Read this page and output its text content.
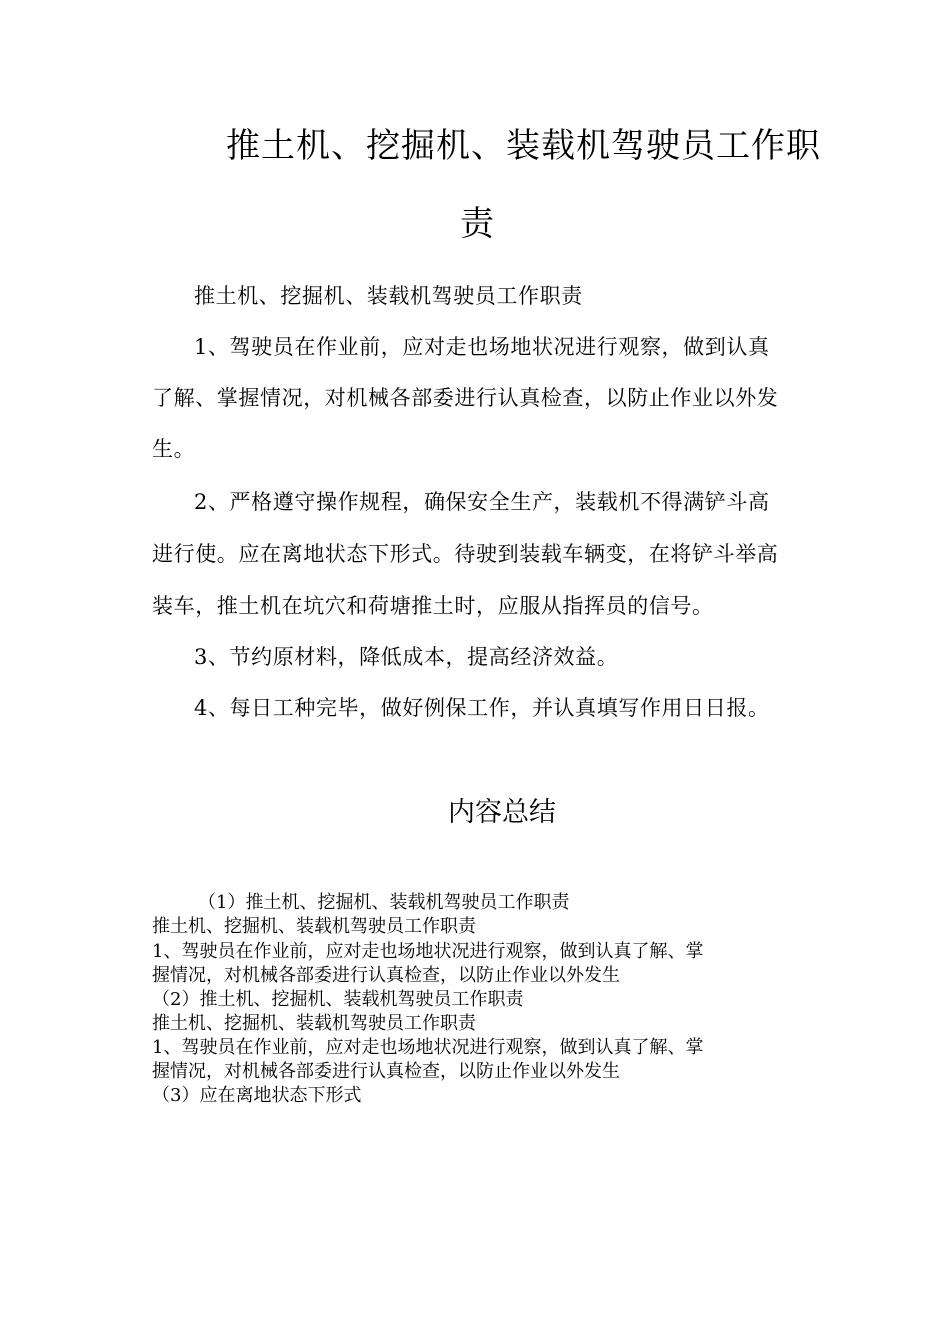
推土机、挖掘机、装载机驾驶员工作职
责
推土机、挖掘机、装载机驾驶员工作职责
1、驾驶员在作业前，应对走也场地状况进行观察，做到认真
了解、掌握情况，对机械各部委进行认真检查，以防止作业以外发
生。
2、严格遵守操作规程，确保安全生产，装载机不得满铲斗高
进行使。应在离地状态下形式。待驶到装载车辆变，在将铲斗举高
装车，推土机在坑穴和荷塘推土时，应服从指挥员的信号。
3、节约原材料，降低成本，提高经济效益。
4、每日工种完毕，做好例保工作，并认真填写作用日日报。
内容总结
（1）推土机、挖掘机、装载机驾驶员工作职责
推土机、挖掘机、装载机驾驶员工作职责
1、驾驶员在作业前，应对走也场地状况进行观察，做到认真了解、掌
握情况，对机械各部委进行认真检查，以防止作业以外发生
（2）推土机、挖掘机、装载机驾驶员工作职责
推土机、挖掘机、装载机驾驶员工作职责
1、驾驶员在作业前，应对走也场地状况进行观察，做到认真了解、掌
握情况，对机械各部委进行认真检查，以防止作业以外发生
（3）应在离地状态下形式
